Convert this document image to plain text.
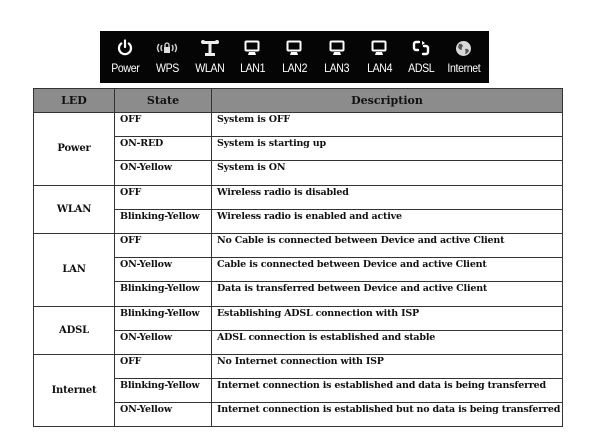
Power WPS WLAN LAN1 LAN2 LAN3 LAN4 ADSL Internet
LED	State	Description
Power	OFF	System is OFF
	ON-RED	System is starting up
	ON-Yellow	System is ON
WLAN	OFF	Wireless radio is disabled
	Blinking-Yellow	Wireless radio is enabled and active
LAN	OFF	No Cable is connected between Device and active Client
	ON-Yellow	Cable is connected between Device and active Client
	Blinking-Yellow	Data is transferred between Device and active Client
ADSL	Blinking-Yellow	Establishing ADSL connection with ISP
	ON-Yellow	ADSL connection is established and stable
Internet	OFF	No Internet connection with ISP
	Blinking-Yellow	Internet connection is established and data is being transferred
	ON-Yellow	Internet connection is established but no data is being transferred
